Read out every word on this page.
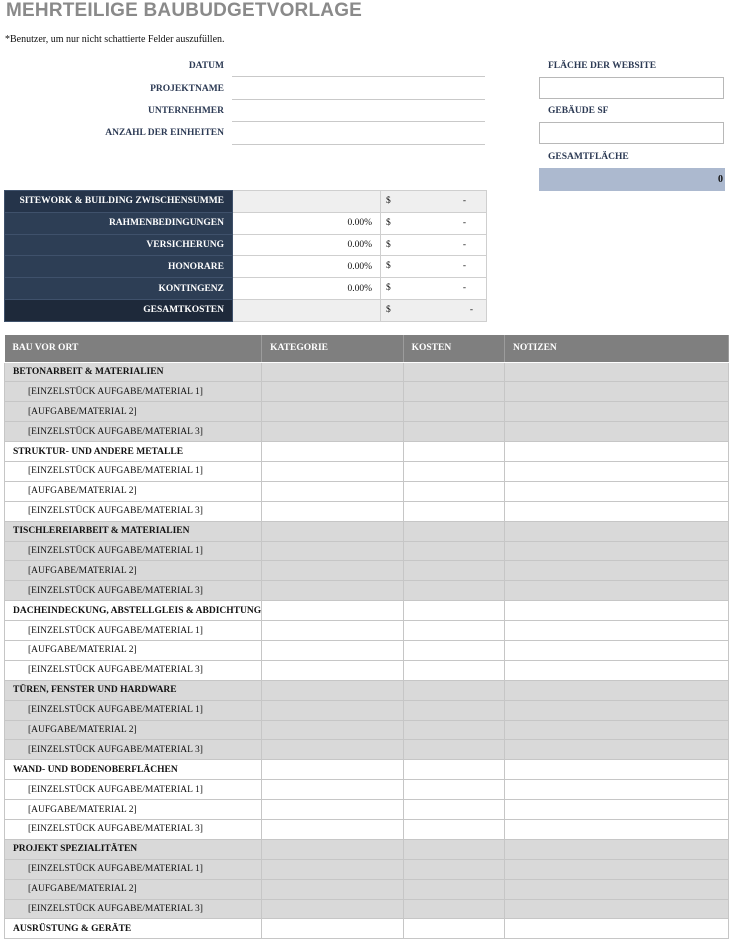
MEHRTEILIGE BAUBUDGETVORLAGE
*Benutzer, um nur nicht schattierte Felder auszufüllen.
DATUM
PROJEKTNAME
UNTERNEHMER
ANZAHL DER EINHEITEN
FLÄCHE DER WEBSITE
GEBÄUDE SF
GESAMTFLÄCHE
0
SITEWORK & BUILDING ZWISCHENSUMME		$ -

RAHMENBEDINGUNGEN	0.00%	$ -

VERSICHERUNG	0.00%	$ -

HONORARE	0.00%	$ -

KONTINGENZ	0.00%	$ -

GESAMTKOSTEN		$ -
BAU VOR ORT	KATEGORIE	KOSTEN	NOTIZEN
BETONARBEIT & MATERIALIEN			
[EINZELSTÜCK AUFGABE/MATERIAL 1]			
[AUFGABE/MATERIAL 2]			
[EINZELSTÜCK AUFGABE/MATERIAL 3]			
STRUKTUR- UND ANDERE METALLE			
[EINZELSTÜCK AUFGABE/MATERIAL 1]			
[AUFGABE/MATERIAL 2]			
[EINZELSTÜCK AUFGABE/MATERIAL 3]			
TISCHLEREIARBEIT & MATERIALIEN			
[EINZELSTÜCK AUFGABE/MATERIAL 1]			
[AUFGABE/MATERIAL 2]			
[EINZELSTÜCK AUFGABE/MATERIAL 3]			
DACHEINDECKUNG, ABSTELLGLEIS & ABDICHTUNG			
[EINZELSTÜCK AUFGABE/MATERIAL 1]			
[AUFGABE/MATERIAL 2]			
[EINZELSTÜCK AUFGABE/MATERIAL 3]			
TÜREN, FENSTER UND HARDWARE			
[EINZELSTÜCK AUFGABE/MATERIAL 1]			
[AUFGABE/MATERIAL 2]			
[EINZELSTÜCK AUFGABE/MATERIAL 3]			
WAND- UND BODENOBERFLÄCHEN			
[EINZELSTÜCK AUFGABE/MATERIAL 1]			
[AUFGABE/MATERIAL 2]			
[EINZELSTÜCK AUFGABE/MATERIAL 3]			
PROJEKT SPEZIALITÄTEN			
[EINZELSTÜCK AUFGABE/MATERIAL 1]			
[AUFGABE/MATERIAL 2]			
[EINZELSTÜCK AUFGABE/MATERIAL 3]			
AUSRÜSTUNG & GERÄTE			
